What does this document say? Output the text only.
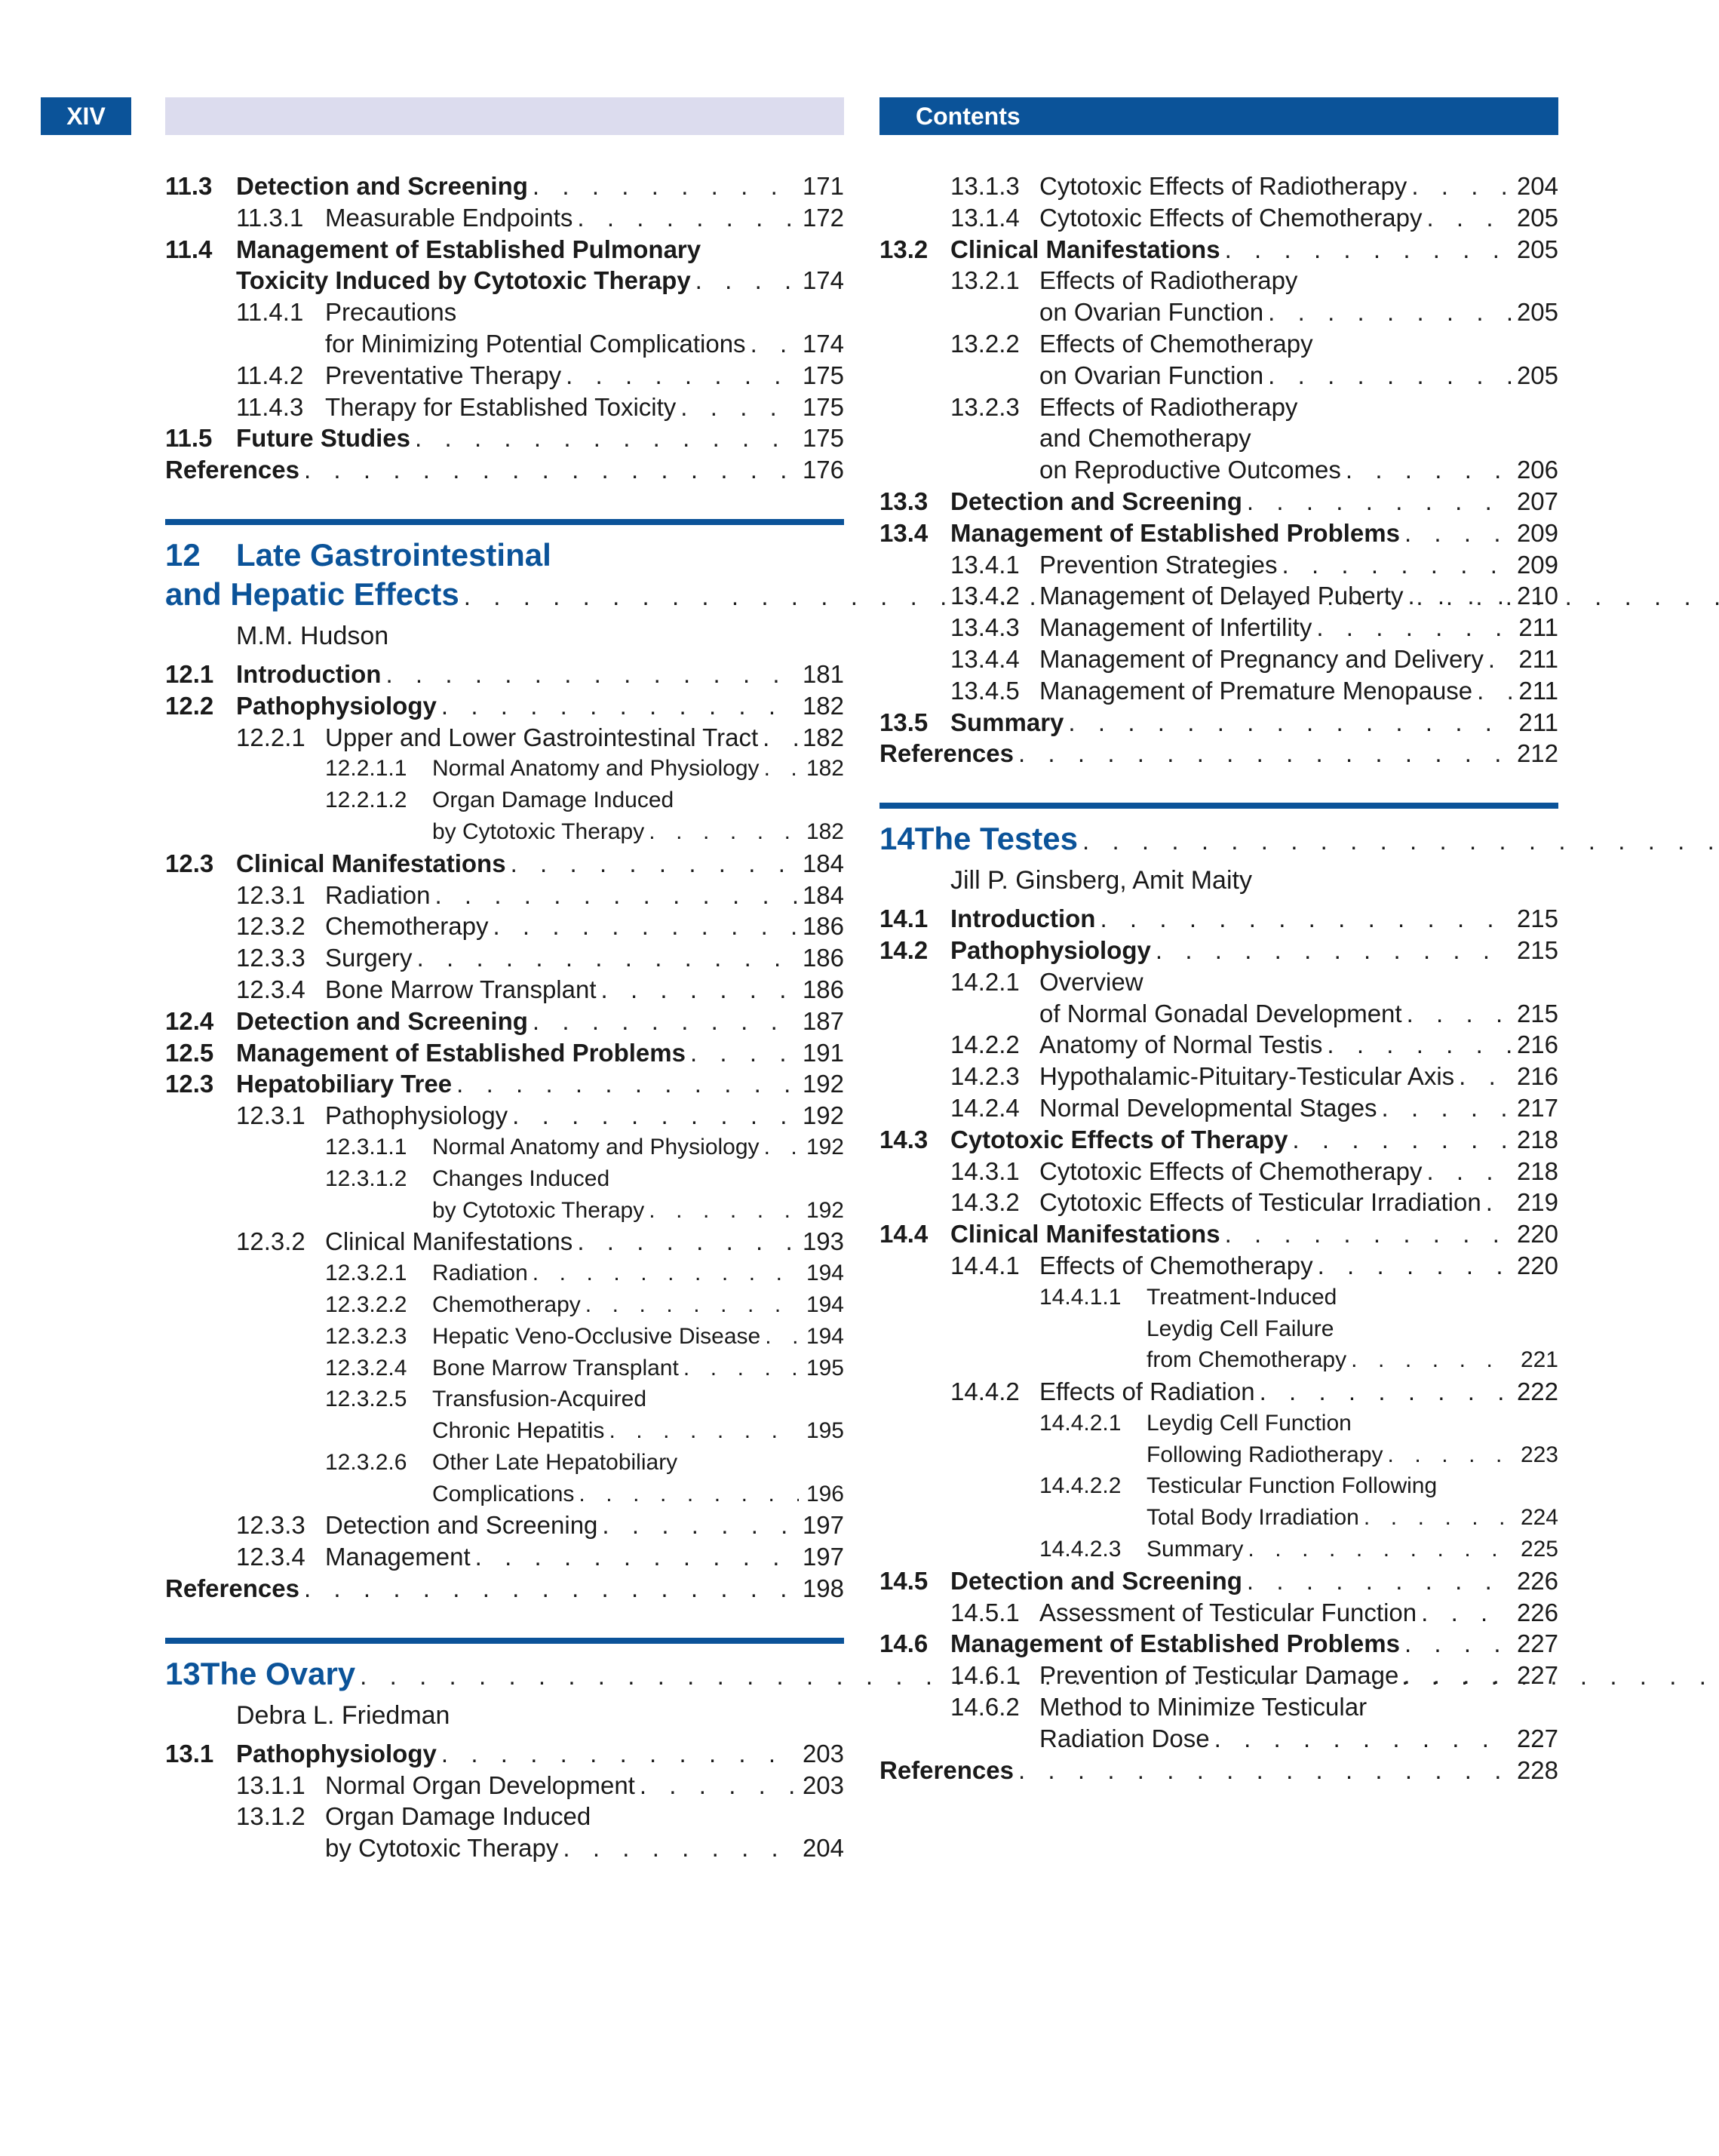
XIV	Contents
11.3 Detection and Screening . . .	171
11.3.1 Measurable Endpoints . . .	172
11.4 Management of Established Pulmonary
Toxicity Induced by Cytotoxic Therapy . . .	174
11.4.1 Precautions
for Minimizing Potential Complications . . . 174
11.4.2 Preventative Therapy . . .	175
11.4.3 Therapy for Established Toxicity . . .	175
11.5 Future Studies . . .	175
References . . .	176
12	Late Gastrointestinal
and Hepatic Effects
. . .
M.M. Hudson
12.1 Introduction . . .	181
12.2 Pathophysiology . . .	182
12.2.1 Upper and Lower Gastrointestinal Tract . . . 182
12.2.1.1	Normal Anatomy and Physiology . . . 182
12.2.1.2	Organ Damage Induced
by Cytotoxic Therapy . . .	182
12.3 Clinical Manifestations . . .	184
12.3.1 Radiation . . .	184
12.3.2 Chemotherapy . . .	186
12.3.3 Surgery . . .	186
12.3.4 Bone Marrow Transplant . . .	186
12.4 Detection and Screening . . .	187
12.5 Management of Established Problems . . .	191
12.3 Hepatobiliary Tree . . .	192
12.3.1 Pathophysiology . . .	192
12.3.1.1	Normal Anatomy and Physiology . . . 192
12.3.1.2	Changes Induced
by Cytotoxic Therapy . . .	192
12.3.2 Clinical Manifestations . . .	193
12.3.2.1	Radiation . . .	194
12.3.2.2	Chemotherapy . . .	194
12.3.2.3	Hepatic Veno-Occlusive Disease . . . 194
12.3.2.4	Bone Marrow Transplant . . .	195
12.3.2.5	Transfusion-Acquired
Chronic Hepatitis . . .	195
12.3.2.6	Other Late Hepatobiliary
Complications . . .	196
12.3.3 Detection and Screening . . .	197
12.3.4 Management . . .	197
References . . .	198
13 The Ovary
. . .
Debra L. Friedman
13.1 Pathophysiology . . .	203
13.1.1 Normal Organ Development . . .	203
13.1.2 Organ Damage Induced
by Cytotoxic Therapy . . .	204
13.1.3 Cytotoxic Effects of Radiotherapy . . .	204
13.1.4 Cytotoxic Effects of Chemotherapy . . .	205
13.2 Clinical Manifestations . . .	205
13.2.1 Effects of Radiotherapy
on Ovarian Function . . .	205
13.2.2 Effects of Chemotherapy
on Ovarian Function . . .	205
13.2.3 Effects of Radiotherapy
and Chemotherapy
on Reproductive Outcomes . . .	206
13.3 Detection and Screening . . .	207
13.4 Management of Established Problems . . .	209
13.4.1 Prevention Strategies . . .	209
13.4.2 Management of Delayed Puberty . . .	210
13.4.3 Management of Infertility . . .	211
13.4.4 Management of Pregnancy and Delivery . . . 211
13.4.5 Management of Premature Menopause . . . 211
13.5 Summary . . .	211
References . . .	212
14 The Testes
. . .
Jill P. Ginsberg, Amit Maity
14.1 Introduction . . .	215
14.2 Pathophysiology . . .	215
14.2.1 Overview
of Normal Gonadal Development . . .	215
14.2.2 Anatomy of Normal Testis . . .	216
14.2.3 Hypothalamic-Pituitary-Testicular Axis . . .	216
14.2.4 Normal Developmental Stages . . .	217
14.3 Cytotoxic Effects of Therapy . . .	218
14.3.1 Cytotoxic Effects of Chemotherapy . . .	218
14.3.2 Cytotoxic Effects of Testicular Irradiation . . . 219
14.4 Clinical Manifestations . . .	220
14.4.1 Effects of Chemotherapy . . .	220
14.4.1.1	Treatment-Induced
Leydig Cell Failure
from Chemotherapy . . .	221
14.4.2 Effects of Radiation . . .	222
14.4.2.1	Leydig Cell Function
Following Radiotherapy . . .	223
14.4.2.2	Testicular Function Following
Total Body Irradiation . . .	224
14.4.2.3	Summary . . .	225
14.5 Detection and Screening . . .	226
14.5.1 Assessment of Testicular Function . . .	226
14.6 Management of Established Problems . . .	227
14.6.1 Prevention of Testicular Damage . . .	227
14.6.2 Method to Minimize Testicular
Radiation Dose . . .	227
References . . .	228
